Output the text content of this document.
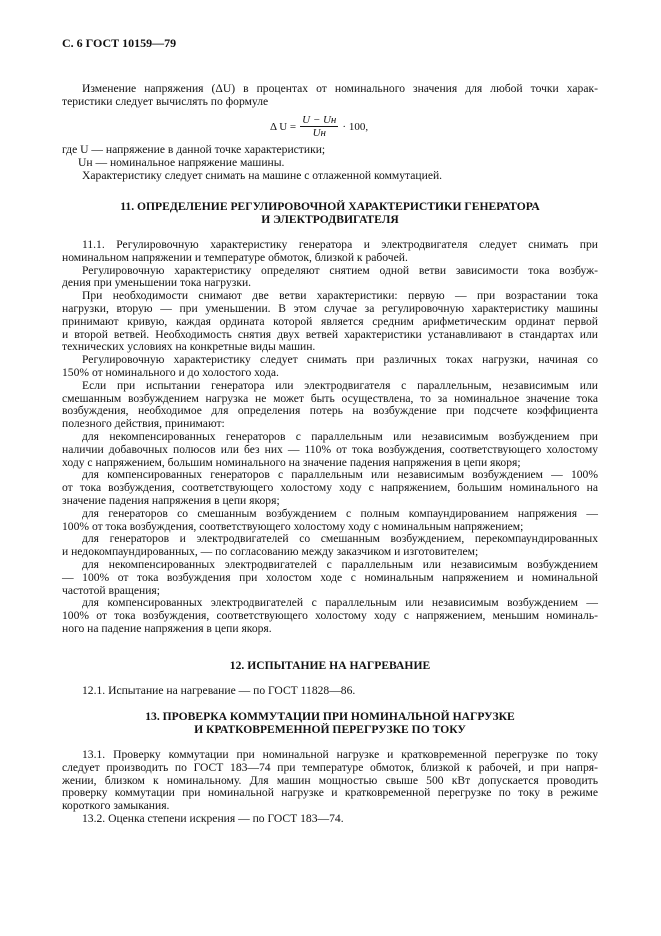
С. 6 ГОСТ 10159—79
Изменение напряжения (ΔU) в процентах от номинального значения для любой точки харак-
теристики следует вычислять по формуле
Δ $U = \frac{U - Uн}{Uн} \cdot 100$,
где U — напряжение в данной точке характеристики;
Uн — номинальное напряжение машины.
Характеристику следует снимать на машине с отлаженной коммутацией.
11. ОПРЕДЕЛЕНИЕ РЕГУЛИРОВОЧНОЙ ХАРАКТЕРИСТИКИ ГЕНЕРАТОРА
И ЭЛЕКТРОДВИГАТЕЛЯ
11.1. Регулировочную характеристику генератора и электродвигателя следует снимать при
номинальном напряжении и температуре обмоток, близкой к рабочей.
Регулировочную характеристику определяют снятием одной ветви зависимости тока возбуж-
дения при уменьшении тока нагрузки.
При необходимости снимают две ветви характеристики: первую — при возрастании тока
нагрузки, вторую — при уменьшении. В этом случае за регулировочную характеристику машины
принимают кривую, каждая ордината которой является средним арифметическим ординат первой
и второй ветвей. Необходимость снятия двух ветвей характеристики устанавливают в стандартах или
технических условиях на конкретные виды машин.
Регулировочную характеристику следует снимать при различных токах нагрузки, начиная со
150% от номинального и до холостого хода.
Если при испытании генератора или электродвигателя с параллельным, независимым или
смешанным возбуждением нагрузка не может быть осуществлена, то за номинальное значение тока
возбуждения, необходимое для определения потерь на возбуждение при подсчете коэффициента
полезного действия, принимают:
для некомпенсированных генераторов с параллельным или независимым возбуждением при
наличии добавочных полюсов или без них — 110% от тока возбуждения, соответствующего холостому
ходу с напряжением, большим номинального на значение падения напряжения в цепи якоря;
для компенсированных генераторов с параллельным или независимым возбуждением — 100%
от тока возбуждения, соответствующего холостому ходу с напряжением, большим номинального на
значение падения напряжения в цепи якоря;
для генераторов со смешанным возбуждением с полным компаундированием напряжения —
100% от тока возбуждения, соответствующего холостому ходу с номинальным напряжением;
для генераторов и электродвигателей со смешанным возбуждением, перекомпаундированных
и недокомпаундированных, — по согласованию между заказчиком и изготовителем;
для некомпенсированных электродвигателей с параллельным или независимым возбуждением
— 100% от тока возбуждения при холостом ходе с номинальным напряжением и номинальной
частотой вращения;
для компенсированных электродвигателей с параллельным или независимым возбуждением —
100% от тока возбуждения, соответствующего холостому ходу с напряжением, меньшим номиналь-
ного на падение напряжения в цепи якоря.
12. ИСПЫТАНИЕ НА НАГРЕВАНИЕ
12.1. Испытание на нагревание — по ГОСТ 11828—86.
13. ПРОВЕРКА КОММУТАЦИИ ПРИ НОМИНАЛЬНОЙ НАГРУЗКЕ
И КРАТКОВРЕМЕННОЙ ПЕРЕГРУЗКЕ ПО ТОКУ
13.1. Проверку коммутации при номинальной нагрузке и кратковременной перегрузке по току
следует производить по ГОСТ 183—74 при температуре обмоток, близкой к рабочей, и при напря-
жении, близком к номинальному. Для машин мощностью свыше 500 кВт допускается проводить
проверку коммутации при номинальной нагрузке и кратковременной перегрузке по току в режиме
короткого замыкания.
13.2. Оценка степени искрения — по ГОСТ 183—74.
